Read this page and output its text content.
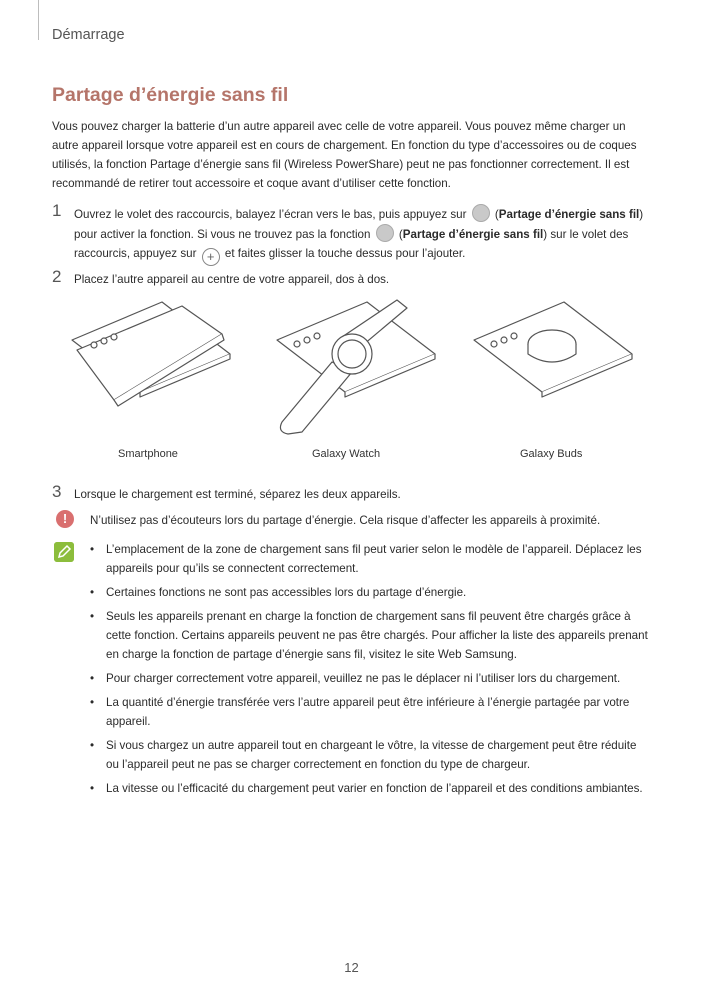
Démarrage
Partage d’énergie sans fil
Vous pouvez charger la batterie d’un autre appareil avec celle de votre appareil. Vous pouvez même charger un autre appareil lorsque votre appareil est en cours de chargement. En fonction du type d’accessoires ou de coques utilisés, la fonction Partage d’énergie sans fil (Wireless PowerShare) peut ne pas fonctionner correctement. Il est recommandé de retirer tout accessoire et coque avant d’utiliser cette fonction.
1 Ouvrez le volet des raccourcis, balayez l’écran vers le bas, puis appuyez sur (Partage d’énergie sans fil) pour activer la fonction. Si vous ne trouvez pas la fonction (Partage d’énergie sans fil) sur le volet des raccourcis, appuyez sur + et faites glisser la touche dessus pour l’ajouter.
2 Placez l’autre appareil au centre de votre appareil, dos à dos.
Smartphone	Galaxy Watch	Galaxy Buds
3 Lorsque le chargement est terminé, séparez les deux appareils.
!	N’utilisez pas d’écouteurs lors du partage d’énergie. Cela risque d’affecter les appareils à proximité.
• L’emplacement de la zone de chargement sans fil peut varier selon le modèle de l’appareil. Déplacez les appareils pour qu’ils se connectent correctement.
• Certaines fonctions ne sont pas accessibles lors du partage d’énergie.
• Seuls les appareils prenant en charge la fonction de chargement sans fil peuvent être chargés grâce à cette fonction. Certains appareils peuvent ne pas être chargés. Pour afficher la liste des appareils prenant en charge la fonction de partage d’énergie sans fil, visitez le site Web Samsung.
• Pour charger correctement votre appareil, veuillez ne pas le déplacer ni l’utiliser lors du chargement.
• La quantité d’énergie transférée vers l’autre appareil peut être inférieure à l’énergie partagée par votre appareil.
• Si vous chargez un autre appareil tout en chargeant le vôtre, la vitesse de chargement peut être réduite ou l’appareil peut ne pas se charger correctement en fonction du type de chargeur.
• La vitesse ou l’efficacité du chargement peut varier en fonction de l’appareil et des conditions ambiantes.
12
